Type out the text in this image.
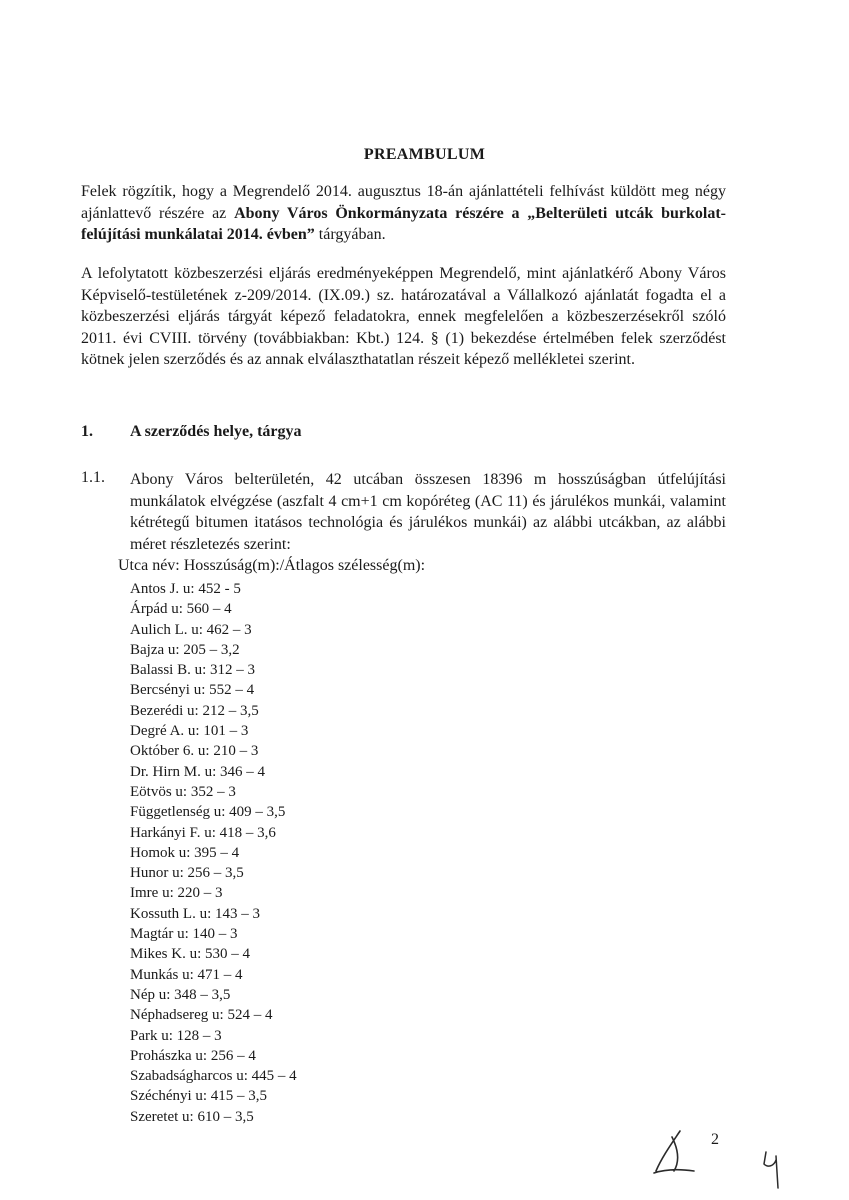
PREAMBULUM
Felek rögzítik, hogy a Megrendelő 2014. augusztus 18-án ajánlattételi felhívást küldött meg négy ajánlattevő részére az Abony Város Önkormányzata részére a „Belterületi utcák burkolat-felújítási munkálatai 2014. évben” tárgyában.
A lefolytatott közbeszerzési eljárás eredményeképpen Megrendelő, mint ajánlatkérő Abony Város Képviselő-testületének z-209/2014. (IX.09.) sz. határozatával a Vállalkozó ajánlatát fogadta el a közbeszerzési eljárás tárgyát képező feladatokra, ennek megfelelően a közbeszerzésekről szóló 2011. évi CVIII. törvény (továbbiakban: Kbt.) 124. § (1) bekezdése értelmében felek szerződést kötnek jelen szerződés és az annak elválaszthatatlan részeit képező mellékletei szerint.
1. A szerződés helye, tárgya
1.1. Abony Város belterületén, 42 utcában összesen 18396 m hosszúságban útfelújítási munkálatok elvégzése (aszfalt 4 cm+1 cm kopóréteg (AC 11) és járulékos munkái, valamint kétrétegű bitumen itatásos technológia és járulékos munkái) az alábbi utcákban, az alábbi méret részletezés szerint:
Utca név: Hosszúság(m):/Átlagos szélesség(m):
Antos J. u: 452 - 5
Árpád u: 560 – 4
Aulich L. u: 462 – 3
Bajza u: 205 – 3,2
Balassi B. u: 312 – 3
Bercsényi u: 552 – 4
Bezerédi u: 212 – 3,5
Degré A. u: 101 – 3
Október 6. u: 210 – 3
Dr. Hirn M. u: 346 – 4
Eötvös u: 352 – 3
Függetlenség u: 409 – 3,5
Harkányi F. u: 418 – 3,6
Homok u: 395 – 4
Hunor u: 256 – 3,5
Imre u: 220 – 3
Kossuth L. u: 143 – 3
Magtár u: 140 – 3
Mikes K. u: 530 – 4
Munkás u: 471 – 4
Nép u: 348 – 3,5
Néphadsereg u: 524 – 4
Park u: 128 – 3
Prohászka u: 256 – 4
Szabadságharcos u: 445 – 4
Széchényi u: 415 – 3,5
Szeretet u: 610 – 3,5
2
